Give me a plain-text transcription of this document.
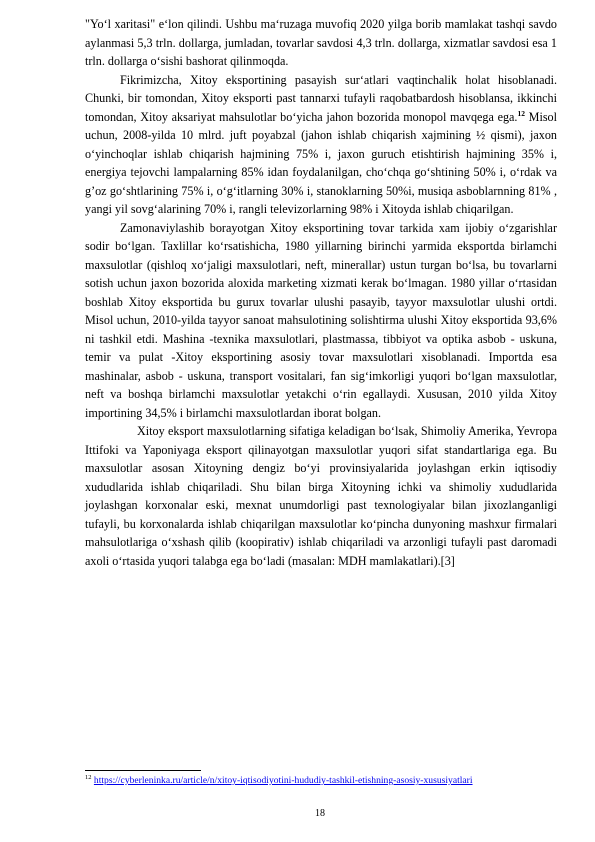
"Yo‘l xaritasi" e‘lon qilindi. Ushbu ma‘ruzaga muvofiq 2020 yilga borib mamlakat tashqi savdo aylanmasi 5,3 trln. dollarga, jumladan, tovarlar savdosi 4,3 trln. dollarga, xizmatlar savdosi esa 1 trln. dollarga o‘sishi bashorat qilinmoqda.

Fikrimizcha, Xitoy eksportining pasayish sur‘atlari vaqtinchalik holat hisoblanadi. Chunki, bir tomondan, Xitoy eksporti past tannarxi tufayli raqobatbardosh hisoblansa, ikkinchi tomondan, Xitoy aksariyat mahsulotlar bo‘yicha jahon bozorida monopol mavqega ega.$^{12}$ Misol uchun, 2008-yilda 10 mlrd. juft poyabzal (jahon ishlab chiqarish xajmining ½ qismi), jaxon o‘yinchoqlar ishlab chiqarish hajmining 75% i, jaxon guruch etishtirish hajmining 35% i, energiya tejovchi lampalarning 85% idan foydalanilgan, cho‘chqa go‘shtining 50% i, o‘rdak va g’oz go‘shtlarining 75% i, o‘g‘itlarning 30% i, stanoklarning 50%i, musiqa asboblarnning 81% , yangi yil sovg‘alarining 70% i, rangli televizorlarning 98% i Xitoyda ishlab chiqarilgan.

Zamonaviylashib borayotgan Xitoy eksportining tovar tarkida xam ijobiy o‘zgarishlar sodir bo‘lgan. Taxlillar ko‘rsatishicha, 1980 yillarning birinchi yarmida eksportda birlamchi maxsulotlar (qishloq xo‘jaligi maxsulotlari, neft, minerallar) ustun turgan bo‘lsa, bu tovarlarni sotish uchun jaxon bozorida aloxida marketing xizmati kerak bo‘lmagan. 1980 yillar o‘rtasidan boshlab Xitoy eksportida bu guruх tovarlar ulushi pasayib, tayyor maxsulotlar ulushi ortdi. Misol uchun, 2010-yilda tayyor sanoat mahsulotining solishtirma ulushi Xitoy eksportida 93,6% ni tashkil etdi. Mashina -texnika maxsulotlari, plastmassa, tibbiyot va optika asbob - uskuna, temir va pulat -Xitoy eksportining asosiy tovar maxsulotlari xisoblanadi. Importda esa mashinalar, asbob - uskuna, transport vositalari, fan sig‘imkorligi yuqori bo‘lgan maxsulotlar, neft va boshqa birlamchi maxsulotlar yetakchi o‘rin egallaydi. Xususan, 2010 yilda Xitoy importining 34,5% i birlamchi maxsulotlardan iborat bolgan.

Xitoy eksport maxsulotlarning sifatiga keladigan bo‘lsak, Shimoliy Amerika, Yevropa Ittifoki va Yaponiyaga eksport qilinayotgan maxsulotlar yuqori sifat standartlariga ega. Bu maxsulotlar asosan Xitoyning dengiz bo‘yi provinsiyalarida joylashgan erkin iqtisodiy xududlarida ishlab chiqariladi. Shu bilan birga Xitoyning ichki va shimoliy xududlarida joylashgan korxonalar eski, mexnat unumdorligi past texnologiyalar bilan jixozlanganligi tufayli, bu korxonalarda ishlab chiqarilgan maxsulotlar ko‘pincha dunyoning mashxur firmalari mahsulotlariga o‘xshash qilib (koopirativ) ishlab chiqariladi va arzonligi tufayli past daromadi axoli o‘rtasida yuqori talabga ega bo‘ladi (masalan: MDH mamlakatlari).[3]

$^{12}$ https://cyberleninka.ru/article/n/xitoy-iqtisodiyotini-hududiy-tashkil-etishning-asosiy-xususiyatlari
18
